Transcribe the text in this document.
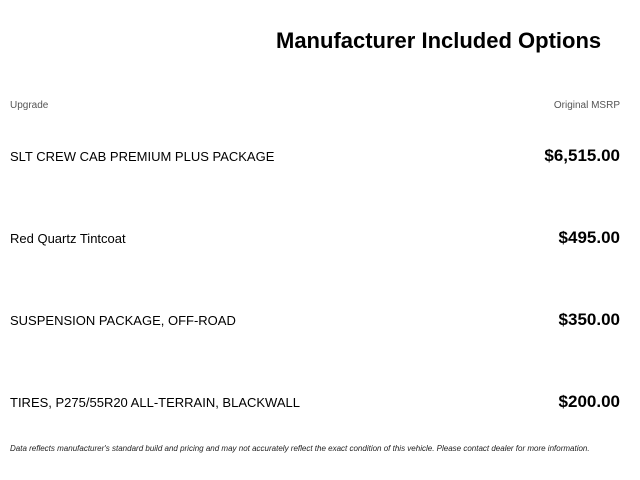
Manufacturer Included Options
Upgrade	Original MSRP
SLT CREW CAB PREMIUM PLUS PACKAGE	$6,515.00
Red Quartz Tintcoat	$495.00
SUSPENSION PACKAGE, OFF-ROAD	$350.00
TIRES, P275/55R20 ALL-TERRAIN, BLACKWALL	$200.00
Data reflects manufacturer's standard build and pricing and may not accurately reflect the exact condition of this vehicle. Please contact dealer for more information.
